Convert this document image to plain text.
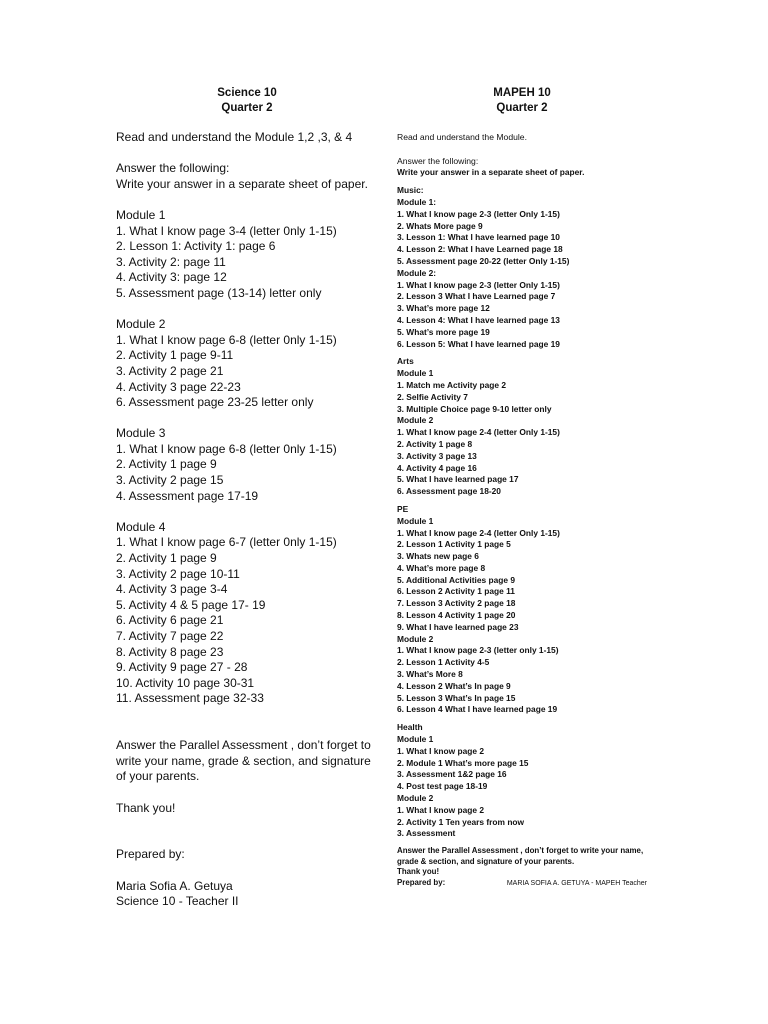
Science 10
Quarter 2
Read and understand the Module 1,2 ,3, & 4
Answer the following:

Write your answer in a separate sheet of paper.

Module 1
1. What I know page 3-4 (letter 0nly 1-15)
2. Lesson 1: Activity 1: page 6
3. Activity 2: page 11
4. Activity 3: page 12
5. Assessment page (13-14) letter only
Module 2
1. What I know page 6-8 (letter 0nly 1-15)
2. Activity 1 page 9-11
3. Activity 2 page 21
4. Activity 3 page 22-23
6. Assessment page 23-25 letter only
Module 3
1. What I know page 6-8 (letter 0nly 1-15)
2. Activity 1 page 9
3. Activity 2 page 15
4. Assessment page 17-19
Module 4
1. What I know page 6-7 (letter 0nly 1-15)
2. Activity 1 page 9
3. Activity 2 page 10-11
4. Activity 3 page 3-4
5. Activity 4 & 5 page 17- 19
6. Activity 6 page 21
7. Activity 7 page 22
8. Activity 8 page 23
9. Activity 9 page 27 - 28
10. Activity 10 page 30-31
11. Assessment page 32-33

Answer the Parallel Assessment , don’t forget to write your name, grade & section, and signature of your parents.

Thank you!
Prepared by:
Maria Sofia A. Getuya
Science 10 - Teacher II
MAPEH 10
Quarter 2
Read and understand the Module.
Answer the following:
Write your answer in a separate sheet of paper.
Music:
Module 1:
1. What I know page 2-3 (letter Only 1-15)
2. Whats More page 9
3. Lesson 1: What I have learned page 10
4. Lesson 2: What I have Learned page 18
5. Assessment page 20-22 (letter Only 1-15)
Module 2:
1. What I know page 2-3 (letter Only 1-15)
2. Lesson 3 What I have Learned page 7
3. What’s more page 12
4. Lesson 4: What I have learned page 13
5. What’s more page 19
6. Lesson 5: What I have learned page 19
Arts
Module 1
1. Match me Activity page 2
2. Selfie Activity 7
3. Multiple Choice page 9-10 letter only
Module 2
1. What I know page 2-4 (letter Only 1-15)
2. Activity 1 page 8
3. Activity 3 page 13
4. Activity 4 page 16
5. What I have learned page 17
6. Assessment page 18-20
PE
Module 1
1. What I know page 2-4 (letter Only 1-15)
2. Lesson 1 Activity 1 page 5
3. Whats new page 6
4. What’s more page 8
5. Additional Activities page 9
6. Lesson 2 Activity 1 page 11
7. Lesson 3 Activity 2 page 18
8. Lesson 4 Activity 1 page 20
9. What I have learned page 23
Module 2
1. What I know page 2-3 (letter only 1-15)
2. Lesson 1 Activity 4-5
3. What’s More 8
4. Lesson 2 What’s In page 9
5. Lesson 3 What’s In page 15
6. Lesson 4 What I have learned page 19
Health
Module 1
1. What I know page 2
2. Module 1 What’s more page 15
3. Assessment 1&2 page 16
4. Post test page 18-19
Module 2
1. What I know page 2
2. Activity 1 Ten years from now
3. Assessment
Answer the Parallel Assessment , don’t forget to write your name, grade & section, and signature of your parents.
Thank you!
Prepared by:	MARIA SOFIA A. GETUYA - MAPEH Teacher
